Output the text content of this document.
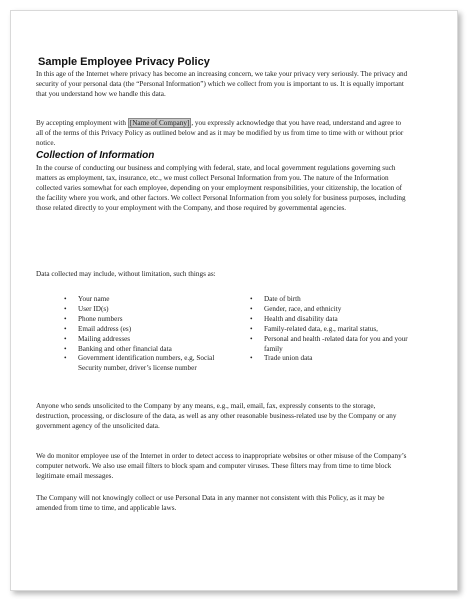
Sample Employee Privacy Policy
In this age of the Internet where privacy has become an increasing concern, we take your privacy very seriously. The privacy and security of your personal data (the “Personal Information”) which we collect from you is important to us. It is equally important that you understand how we handle this data.
By accepting employment with [Name of Company] , you expressly acknowledge that you have read, understand and agree to all of the terms of this Privacy Policy as outlined below and as it may be modified by us from time to time with or without prior notice.
Collection of Information
In the course of conducting our business and complying with federal, state, and local government regulations governing such matters as employment, tax, insurance, etc., we must collect Personal Information from you. The nature of the Information collected varies somewhat for each employee, depending on your employment responsibilities, your citizenship, the location of the facility where you work, and other factors. We collect Personal Information from you solely for business purposes, including those related directly to your employment with the Company, and those required by governmental agencies.
Data collected may include, without limitation, such things as:
• Your name
• User ID(s)
• Phone numbers
• Email address (es)
• Mailing addresses
• Banking and other financial data
• Government identification numbers, e.g, Social Security number, driver’s license number
• Date of birth
• Gender, race, and ethnicity
• Health and disability data
• Family-related data, e.g., marital status,
• Personal and health -related data for you and your family
• Trade union data
Anyone who sends unsolicited to the Company by any means, e.g., mail, email, fax, expressly consents to the storage, destruction, processing, or disclosure of the data, as well as any other reasonable business-related use by the Company or any government agency of the unsolicited data.
We do monitor employee use of the Internet in order to detect access to inappropriate websites or other misuse of the Company’s computer network. We also use email filters to block spam and computer viruses. These filters may from time to time block legitimate email messages.
The Company will not knowingly collect or use Personal Data in any manner not consistent with this Policy, as it may be amended from time to time, and applicable laws.
